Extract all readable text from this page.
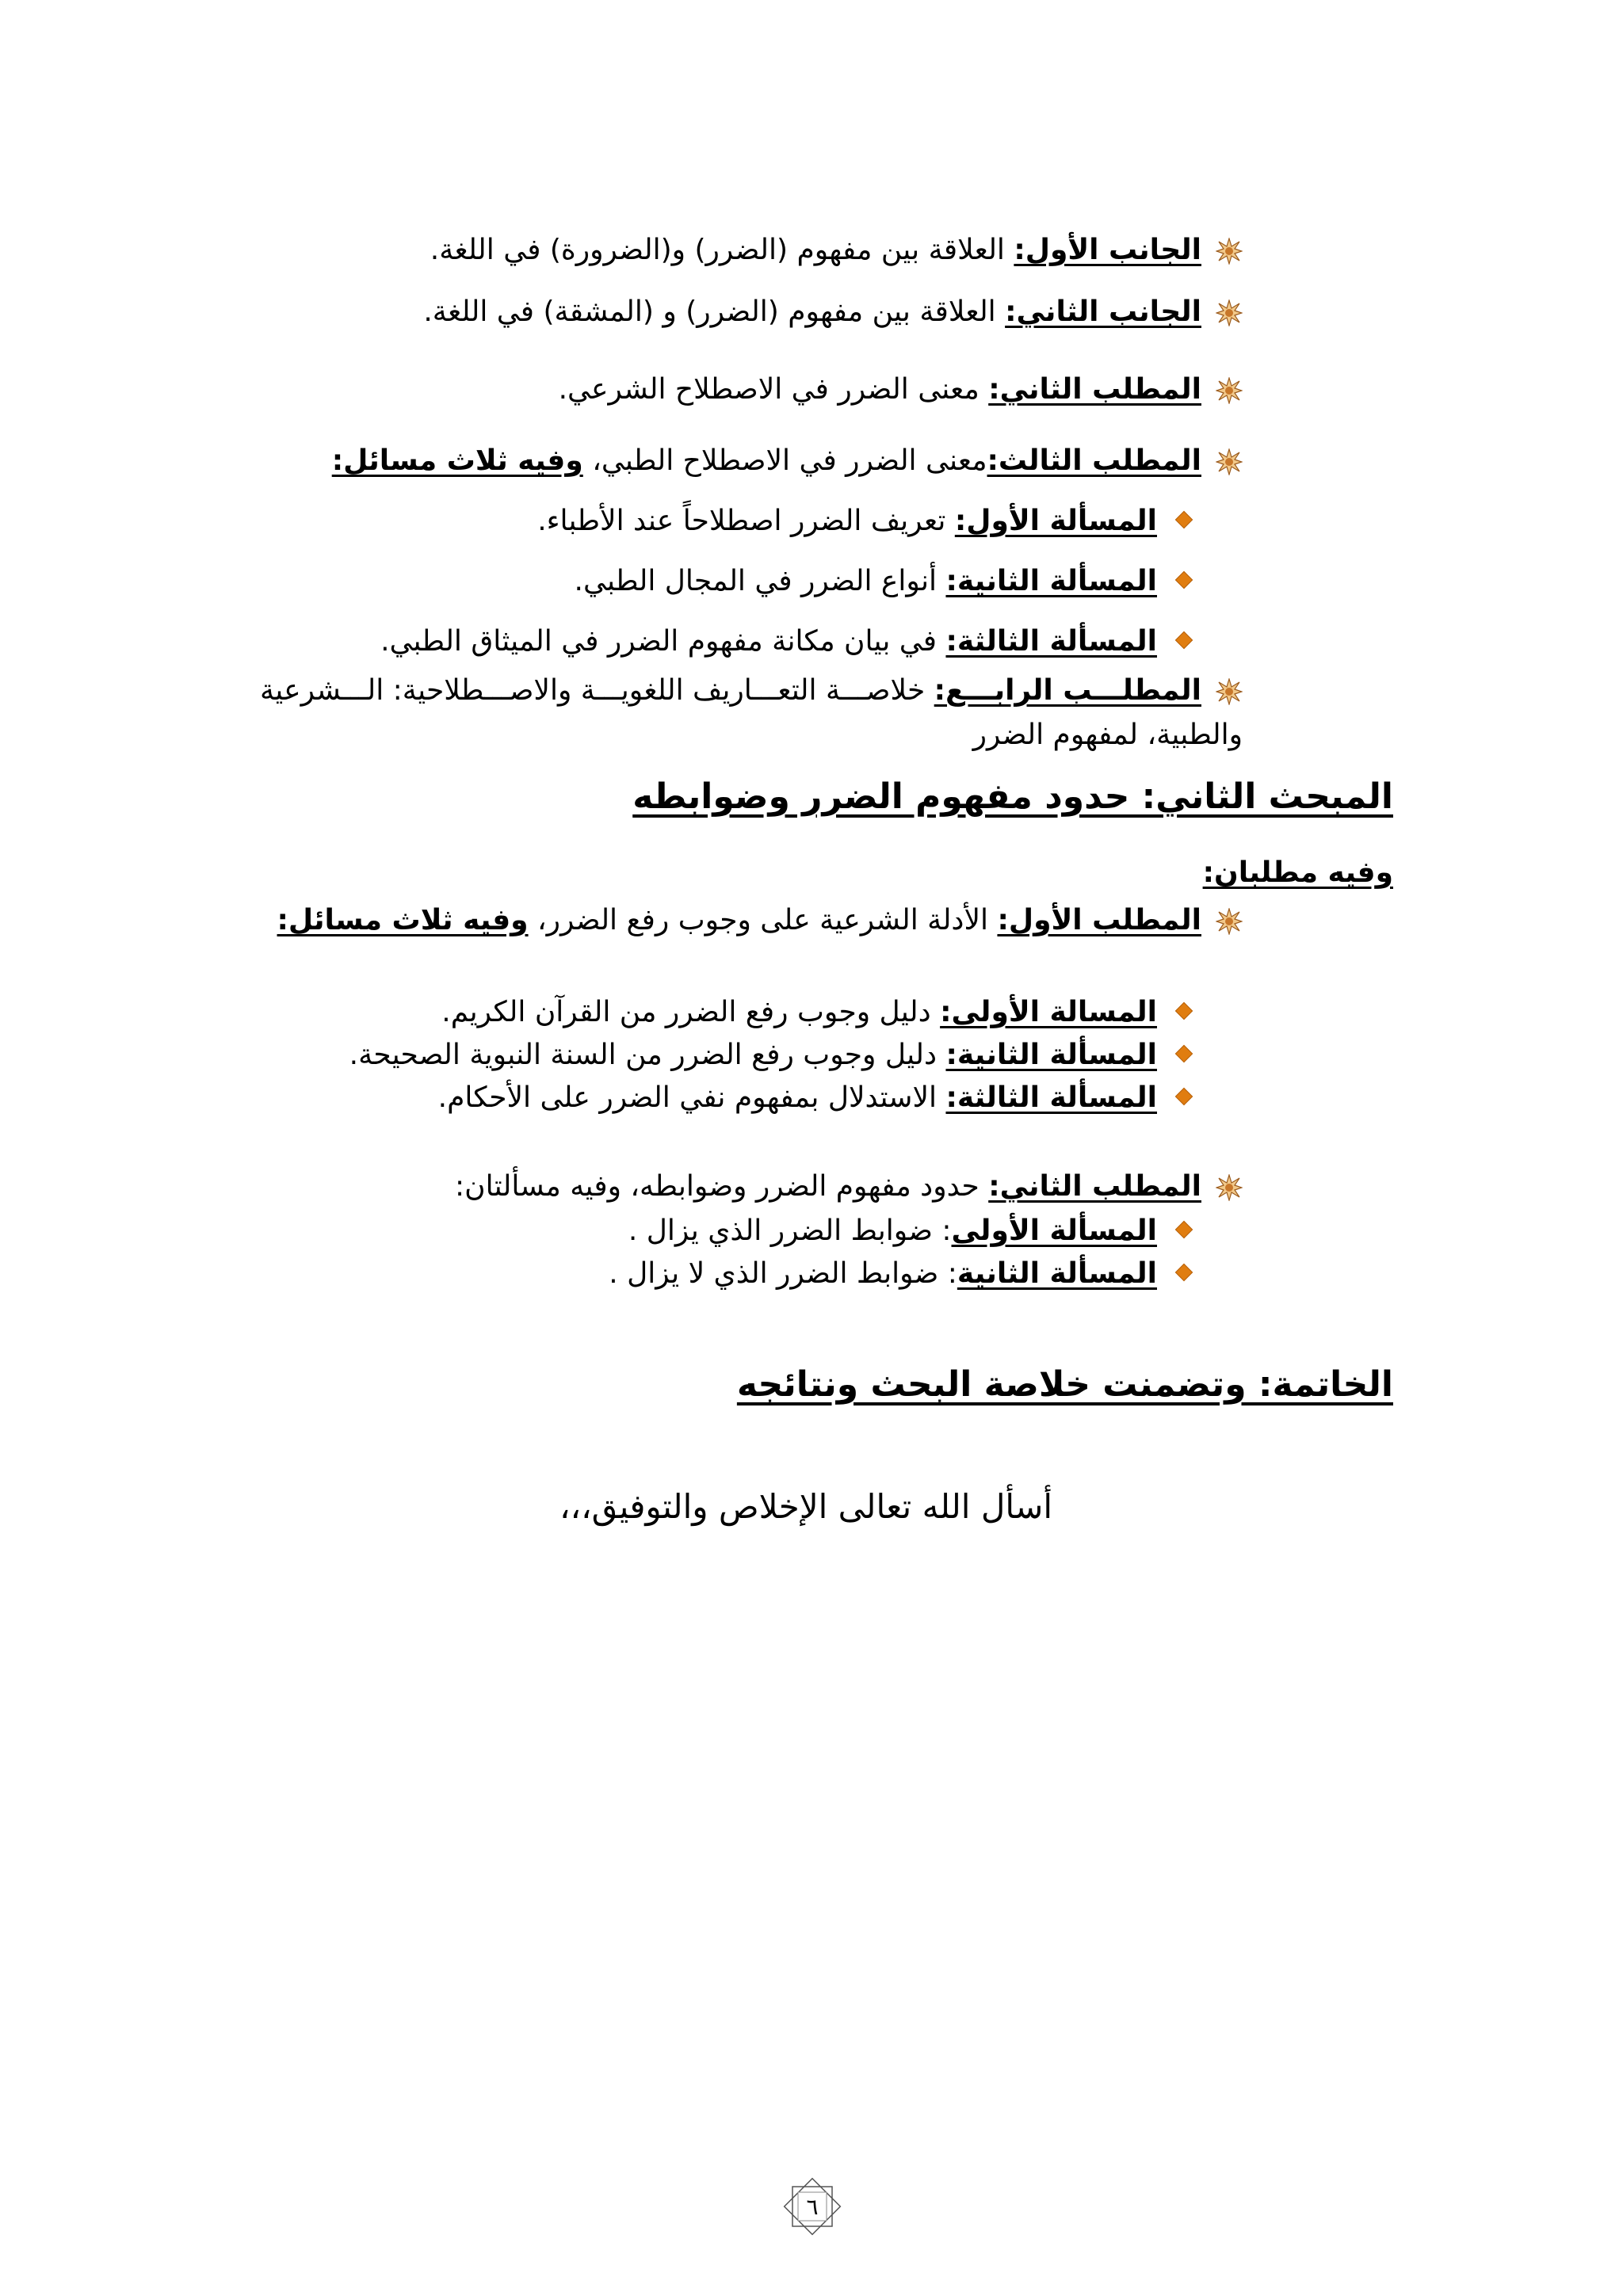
الجانب الأول: العلاقة بين مفهوم (الضرر) و(الضرورة) في اللغة.
الجانب الثاني: العلاقة بين مفهوم (الضرر) و (المشقة) في اللغة.
المطلب الثاني: معنى الضرر في الاصطلاح الشرعي.
المطلب الثالث:معنى الضرر في الاصطلاح الطبي، وفيه ثلاث مسائل:
المسألة الأول: تعريف الضرر اصطلاحاً عند الأطباء.
المسألة الثانية: أنواع الضرر في المجال الطبي.
المسألة الثالثة: في بيان مكانة مفهوم الضرر في الميثاق الطبي.
المطلـــب الرابـــع: خلاصـــة التعـــاريف اللغويـــة والاصـــطلاحية: الـــشرعية
والطبية، لمفهوم الضرر
المبحث الثاني: حدود مفهوم الضرر وضوابطه
وفيه مطلبان:
المطلب الأول: الأدلة الشرعية على وجوب رفع الضرر، وفيه ثلاث مسائل:
المسالة الأولى: دليل وجوب رفع الضرر من القرآن الكريم.
المسألة الثانية: دليل وجوب رفع الضرر من السنة النبوية الصحيحة.
المسألة الثالثة: الاستدلال بمفهوم نفي الضرر على الأحكام.
المطلب الثاني: حدود مفهوم الضرر وضوابطه، وفيه مسألتان:
المسألة الأولى: ضوابط الضرر الذي يزال .
المسألة الثانية: ضوابط الضرر الذي لا يزال .
الخاتمة: وتضمنت خلاصة البحث ونتائجه
أسأل الله تعالى الإخلاص والتوفيق،،،
٦
